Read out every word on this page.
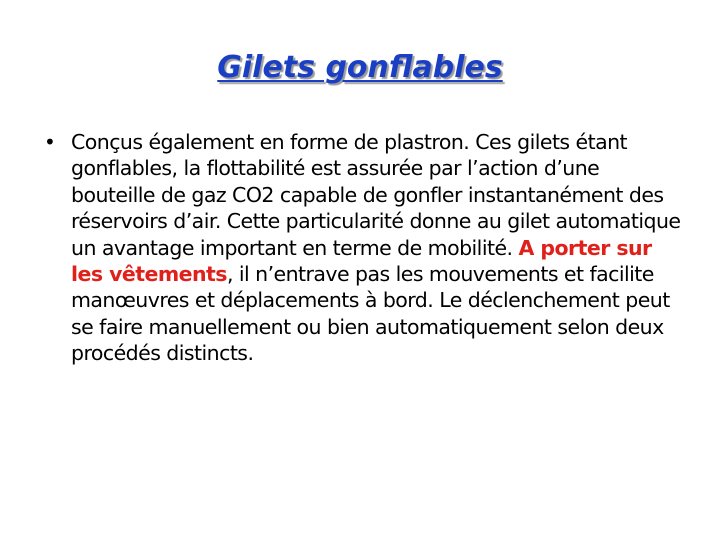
Gilets gonflables
• Conçus également en forme de plastron. Ces gilets étant gonflables, la flottabilité est assurée par l’action d’une bouteille de gaz CO2 capable de gonfler instantanément des réservoirs d’air. Cette particularité donne au gilet automatique un avantage important en terme de mobilité. A porter sur les vêtements, il n’entrave pas les mouvements et facilite manœuvres et déplacements à bord. Le déclenchement peut se faire manuellement ou bien automatiquement selon deux procédés distincts.
